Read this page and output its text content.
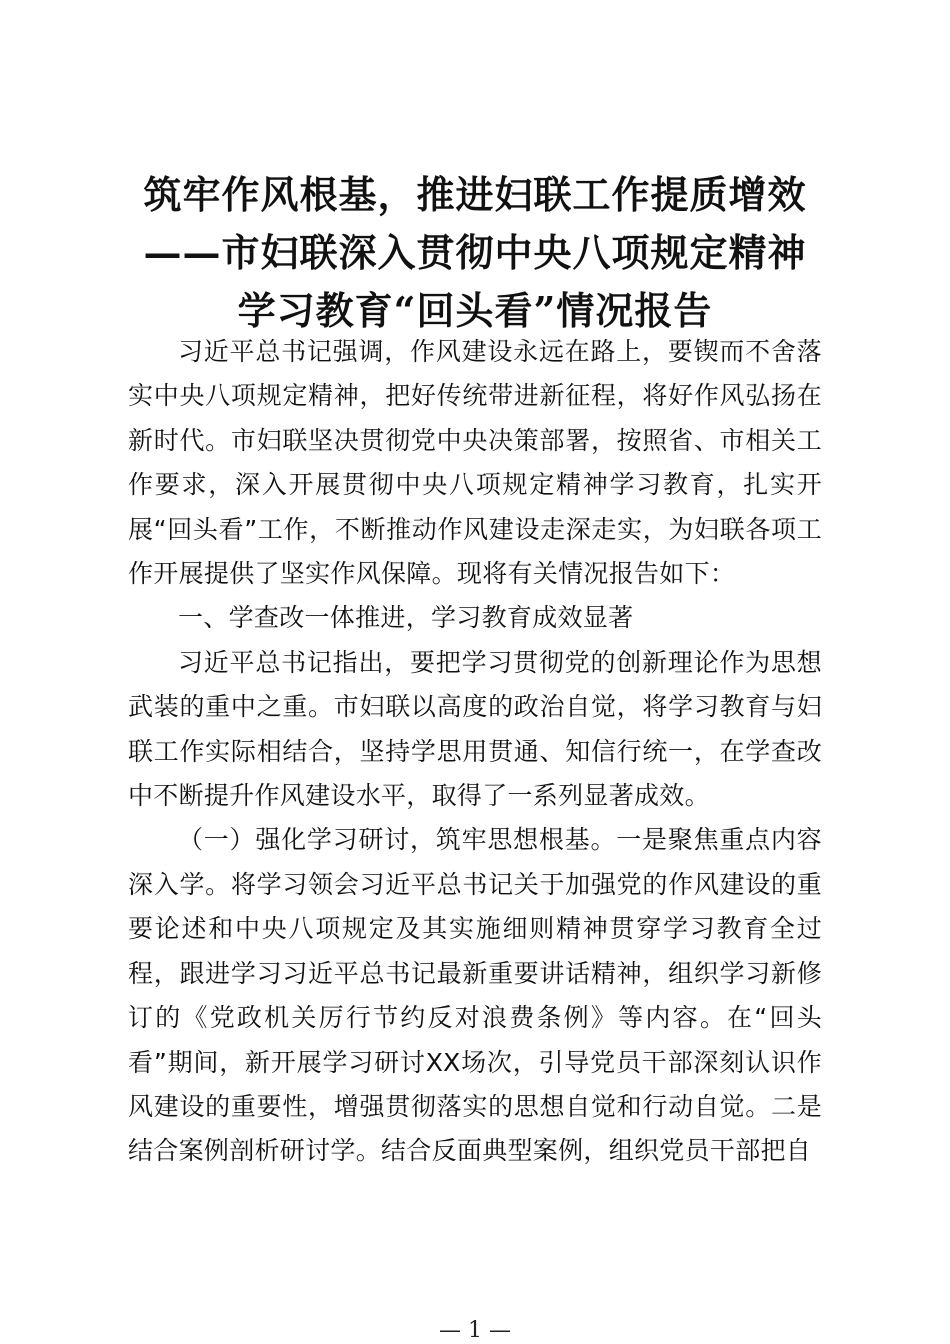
筑牢作风根基，推进妇联工作提质增效

——市妇联深入贯彻中央八项规定精神

学习教育“回头看”情况报告

习近平总书记强调，作风建设永远在路上，要锲而不舍落实中央八项规定精神，把好传统带进新征程，将好作风弘扬在新时代。市妇联坚决贯彻党中央决策部署，按照省、市相关工作要求，深入开展贯彻中央八项规定精神学习教育，扎实开展“回头看”工作，不断推动作风建设走深走实，为妇联各项工作开展提供了坚实作风保障。现将有关情况报告如下：

一、学查改一体推进，学习教育成效显著

习近平总书记指出，要把学习贯彻党的创新理论作为思想武装的重中之重。市妇联以高度的政治自觉，将学习教育与妇联工作实际相结合，坚持学思用贯通、知信行统一，在学查改中不断提升作风建设水平，取得了一系列显著成效。

（一）强化学习研讨，筑牢思想根基。一是聚焦重点内容深入学。将学习领会习近平总书记关于加强党的作风建设的重要论述和中央八项规定及其实施细则精神贯穿学习教育全过程，跟进学习习近平总书记最新重要讲话精神，组织学习新修订的《党政机关厉行节约反对浪费条例》等内容。在“回头看”期间，新开展学习研讨XX场次，引导党员干部深刻认识作风建设的重要性，增强贯彻落实的思想自觉和行动自觉。二是结合案例剖析研讨学。结合反面典型案例，组织党员干部把自

— 1 —
